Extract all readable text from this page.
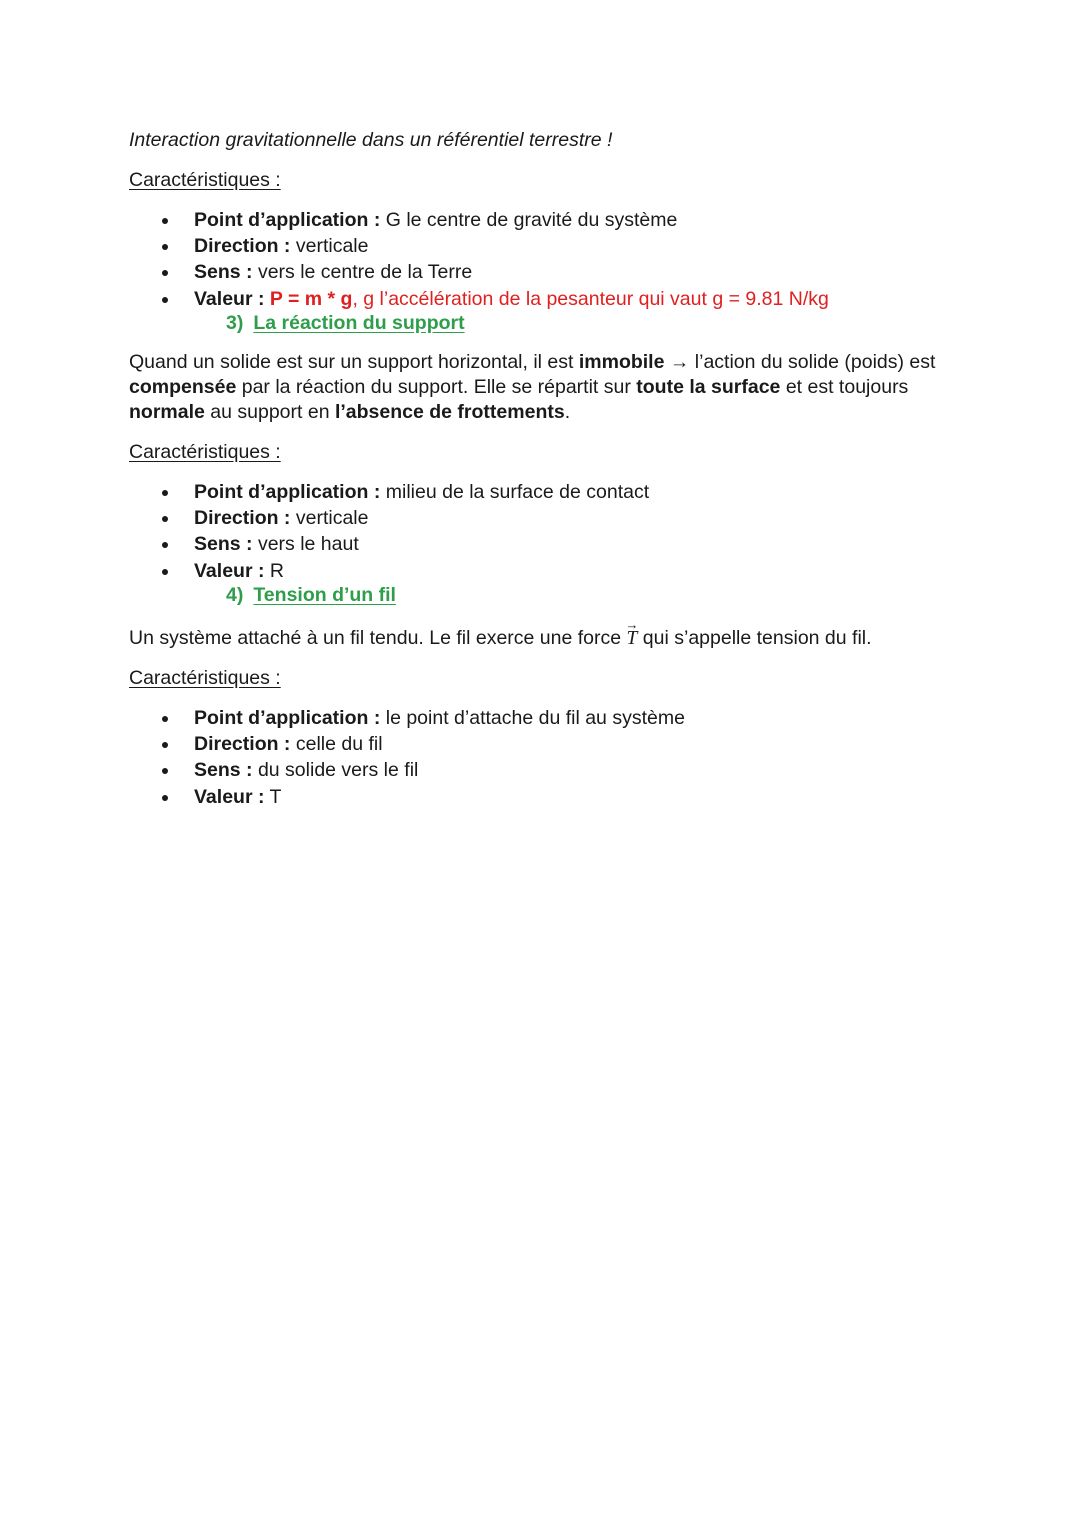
Interaction gravitationnelle dans un référentiel terrestre !
Caractéristiques :
Point d’application : G le centre de gravité du système
Direction : verticale
Sens : vers le centre de la Terre
Valeur : P = m * g, g l’accélération de la pesanteur qui vaut g = 9.81 N/kg
3) La réaction du support
Quand un solide est sur un support horizontal, il est immobile → l’action du solide (poids) est compensée par la réaction du support. Elle se répartit sur toute la surface et est toujours normale au support en l’absence de frottements.
Caractéristiques :
Point d’application : milieu de la surface de contact
Direction : verticale
Sens : vers le haut
Valeur : R
4) Tension d’un fil
Un système attaché à un fil tendu. Le fil exerce une force → T qui s’appelle tension du fil.
Caractéristiques :
Point d’application : le point d’attache du fil au système
Direction : celle du fil
Sens : du solide vers le fil
Valeur : T
